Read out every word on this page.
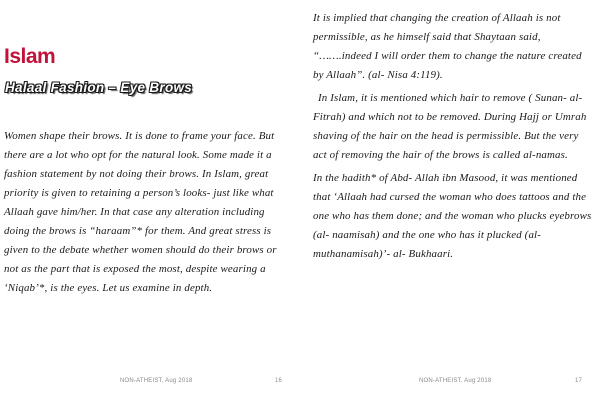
Islam
Halaal Fashion – Eye Brows

Women shape their brows. It is done to frame your face. But there are a lot who opt for the natural look. Some made it a fashion statement by not doing their brows. In Islam, great priority is given to retaining a person’s looks- just like what Allaah gave him/her. In that case any alteration including doing the brows is “haraam”* for them. And great stress is given to the debate whether women should do their brows or not as the part that is exposed the most, despite wearing a ‘Niqab’*, is the eyes. Let us examine in depth.

NON-ATHEIST, Aug 2018	16

It is implied that changing the creation of Allaah is not permissible, as he himself said that Shaytaan said, “…….indeed I will order them to change the nature created by Allaah”. (al- Nisa 4:119).

In Islam, it is mentioned which hair to remove ( Sunan- al- Fitrah) and which not to be removed. During Hajj or Umrah shaving of the hair on the head is permissible. But the very act of removing the hair of the brows is called al-namas.

In the hadith* of Abd- Allah ibn Masood, it was mentioned that ‘Allaah had cursed the woman who does tattoos and the one who has them done; and the woman who plucks eyebrows (al- naamisah) and the one who has it plucked (al- muthanamisah)’- al- Bukhaari.

NON-ATHEIST, Aug 2018	17
